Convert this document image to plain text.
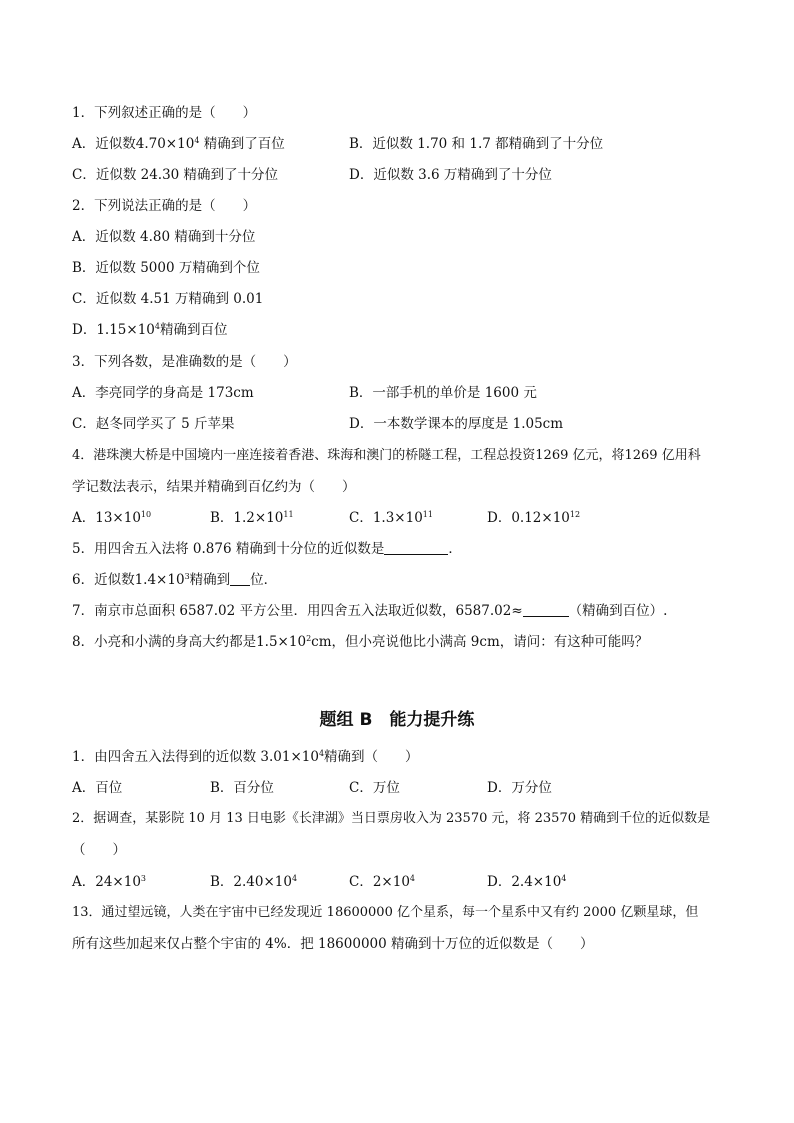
1．下列叙述正确的是（　　）
A．近似数$4.70\times 10^4$ 精确到了百位	B．近似数 1.70 和 1.7 都精确到了十分位
C．近似数 24.30 精确到了十分位	D．近似数 3.6 万精确到了十分位
2．下列说法正确的是（　　）
A．近似数 4.80 精确到十分位
B．近似数 5000 万精确到个位
C．近似数 4.51 万精确到 0.01
D．$1.15\times 10^4$精确到百位
3．下列各数，是准确数的是（　　）
A．李亮同学的身高是 173cm	B．一部手机的单价是 1600 元
C．赵冬同学买了 5 斤苹果	D．一本数学课本的厚度是 1.05cm
4．港珠澳大桥是中国境内一座连接着香港、珠海和澳门的桥隧工程，工程总投资1269 亿元，将1269 亿用科
学记数法表示，结果并精确到百亿约为（　　）
A．$13\times 10^{10}$	B．$1.2\times 10^{11}$	C．$1.3\times 10^{11}$	D．$0.12\times 10^{12}$
5．用四舍五入法将 0.876 精确到十分位的近似数是	．
6．近似数$1.4\times 10^3$精确到 位．
7．南京市总面积 6587.02 平方公里．用四舍五入法取近似数，6587.02≈	（精确到百位）.
8．小亮和小满的身高大约都是$1.5\times 10^2cm$，但小亮说他比小满高 9cm，请问：有这种可能吗？
题组 B　能力提升练
1．由四舍五入法得到的近似数 $3.01\times 10^4$精确到（　　）
A．百位	B．百分位	C．万位	D．万分位
2．据调查，某影院 10 月 13 日电影《长津湖》当日票房收入为 23570 元，将 23570 精确到千位的近似数是
（　　）
A．$24\times 10^3$	B．$2.40\times 10^4$	C．$2\times 10^4$	D．$2.4\times 10^4$
13．通过望远镜，人类在宇宙中已经发现近 18600000 亿个星系，每一个星系中又有约 2000 亿颗星球，但
所有这些加起来仅占整个宇宙的 4%．把 18600000 精确到十万位的近似数是（　　）
